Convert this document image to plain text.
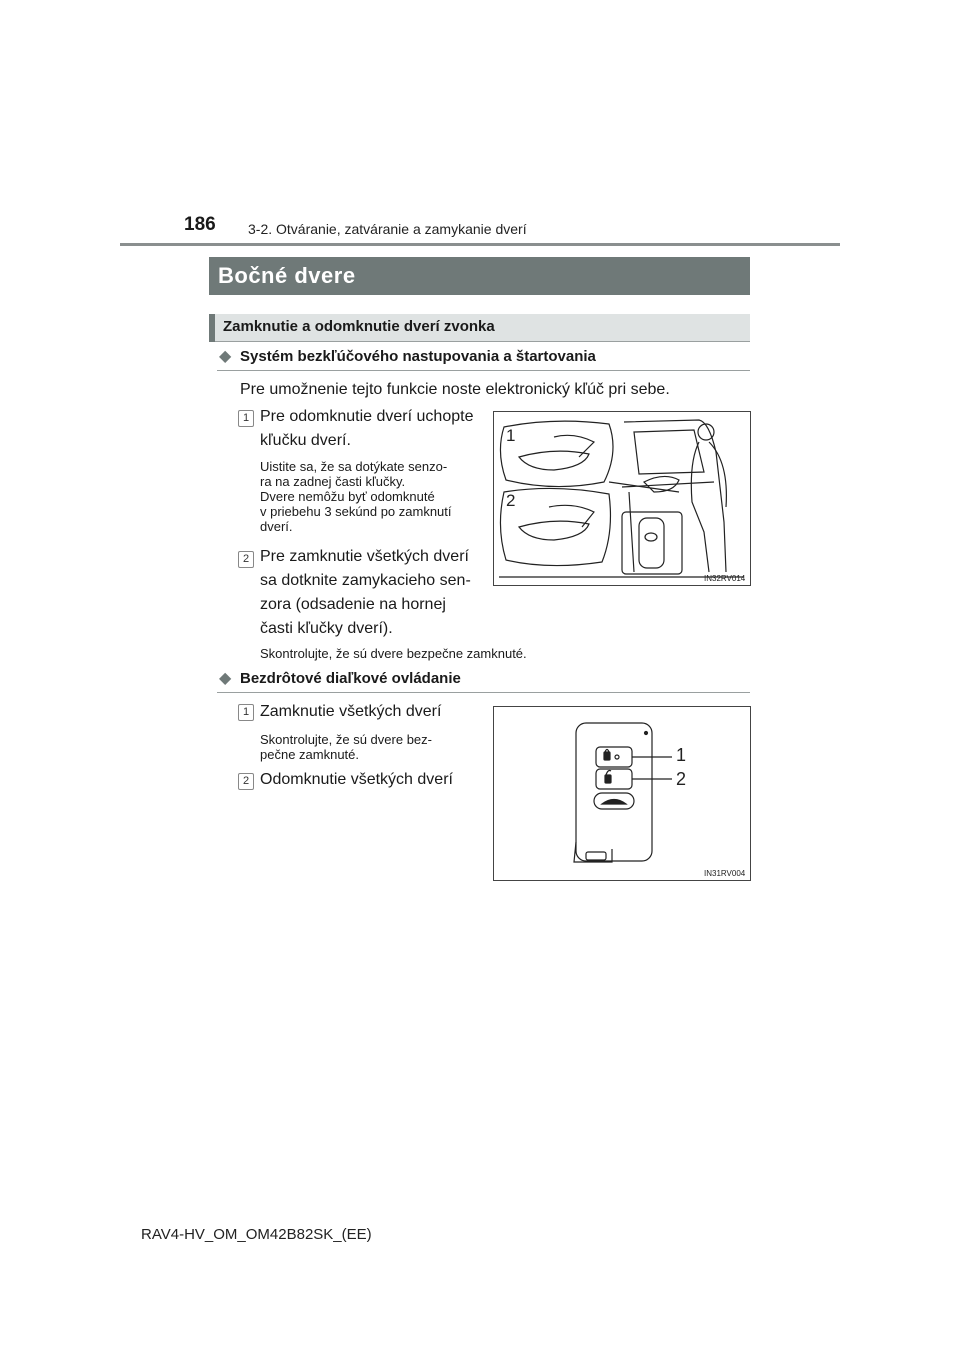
186 3-2. Otváranie, zatváranie a zamykanie dverí
Bočné dvere
Zamknutie a odomknutie dverí zvonka
◆ Systém bezkľúčového nastupovania a štartovania
Pre umožnenie tejto funkcie noste elektronický kľúč pri sebe.
1 Pre odomknutie dverí uchopte
kľučku dverí.
Uistite sa, že sa dotýkate senzo-
ra na zadnej časti kľučky.
Dvere nemôžu byť odomknuté
v priebehu 3 sekúnd po zamknutí
dverí.
2 Pre zamknutie všetkých dverí
sa dotknite zamykacieho sen-
zora (odsadenie na hornej
časti kľučky dverí).
Skontrolujte, že sú dvere bezpečne zamknuté.
1
2
IN32RV014
◆ Bezdrôtové diaľkové ovládanie
1 Zamknutie všetkých dverí
Skontrolujte, že sú dvere bez-
pečne zamknuté.
2 Odomknutie všetkých dverí
1
2
IN31RV004
RAV4-HV_OM_OM42B82SK_(EE)
